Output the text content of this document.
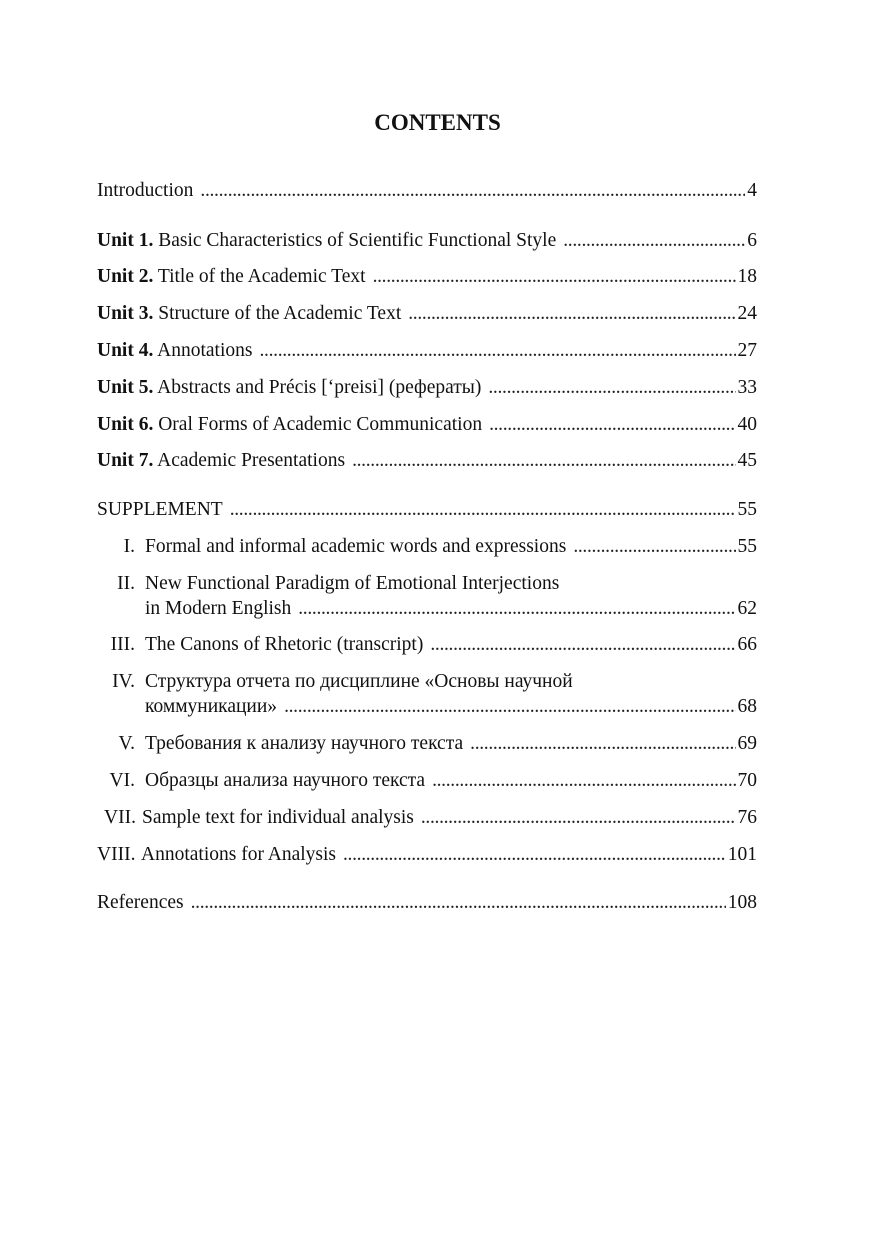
CONTENTS
Introduction . . .	4
Unit 1. Basic Characteristics of Scientific Functional Style . . .	6
Unit 2. Title of the Academic Text . . .	18
Unit 3. Structure of the Academic Text . . .	24
Unit 4. Annotations . . .	27
Unit 5. Abstracts and Précis [‘preisi] (рефераты) . . .	33
Unit 6. Oral Forms of Academic Communication . . .	40
Unit 7. Academic Presentations . . .	45
SUPPLEMENT . . .	55
I. Formal and informal academic words and expressions . . .	55
II. New Functional Paradigm of Emotional Interjections
in Modern English . . .	62
III. The Canons of Rhetoric (transcript) . . .	66
IV. Структура отчета по дисциплине «Основы научной
коммуникации» . . .	68
V. Требования к анализу научного текста . . .	69
VI. Образцы анализа научного текста . . .	70
VII. Sample text for individual analysis . . .	76
VIII. Annotations for Analysis . . .	101
References . . .	108
